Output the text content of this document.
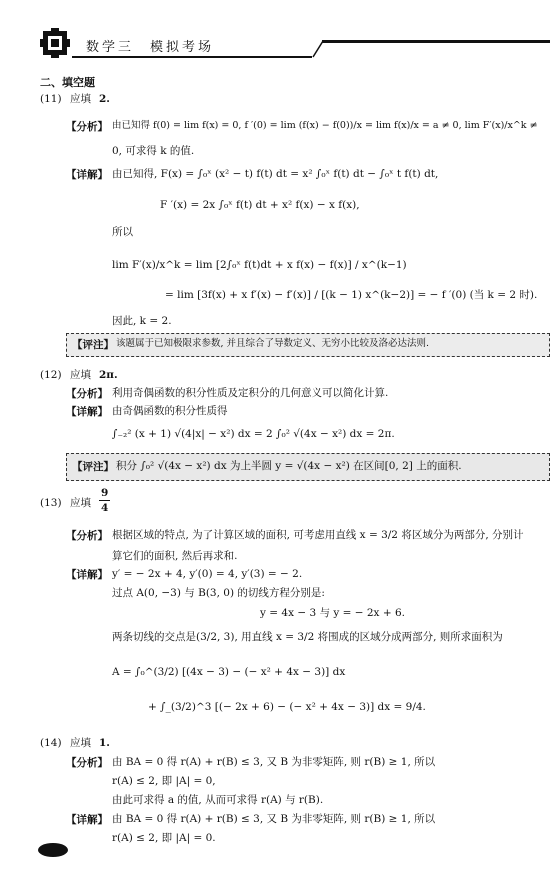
数学三　模拟考场
二、填空题
(11) 应填 2.
【分析】 由已知得 f(0) = lim f(x) = 0, f ′(0) = lim (f(x) − f(0))/x = lim f(x)/x = a ≠ 0, lim F′(x)/x^k ≠
0, 可求得 k 的值.
【详解】 由已知得, F(x) = ∫₀ˣ (x² − t) f(t) dt = x² ∫₀ˣ f(t) dt − ∫₀ˣ t f(t) dt,
F ′(x) = 2x ∫₀ˣ f(t) dt + x² f(x) − x f(x),
所以
lim F′(x)/x^k = lim [2∫₀ˣ f(t)dt + x f(x) − f(x)] / x^(k−1)
= lim [3f(x) + x f′(x) − f′(x)] / [(k − 1) x^(k−2)] = − f ′(0) (当 k = 2 时).
因此, k = 2.
【评注】 该题属于已知极限求参数, 并且综合了导数定义、无穷小比较及洛必达法则.
(12) 应填 2π.
【分析】 利用奇偶函数的积分性质及定积分的几何意义可以简化计算.
【详解】 由奇偶函数的积分性质得
∫₋₂² (x + 1) √(4|x| − x²) dx = 2 ∫₀² √(4x − x²) dx = 2π.
【评注】 积分 ∫₀² √(4x − x²) dx 为上半圆 y = √(4x − x²) 在区间[0, 2] 上的面积.
(13) 应填 $\frac{9}{4}$
【分析】 根据区域的特点, 为了计算区域的面积, 可考虑用直线 x = 3/2 将区域分为两部分, 分别计
算它们的面积, 然后再求和.
【详解】 y′ = − 2x + 4, y′(0) = 4, y′(3) = − 2.
过点 A(0, −3) 与 B(3, 0) 的切线方程分别是:
y = 4x − 3 与 y = − 2x + 6.
两条切线的交点是(3/2, 3), 用直线 x = 3/2 将围成的区域分成两部分, 则所求面积为
A = ∫₀^(3/2) [(4x − 3) − (− x² + 4x − 3)] dx
+ ∫_(3/2)^3 [(− 2x + 6) − (− x² + 4x − 3)] dx = 9/4.
(14) 应填 1.
【分析】 由 BA = 0 得 r(A) + r(B) ≤ 3, 又 B 为非零矩阵, 则 r(B) ≥ 1, 所以
r(A) ≤ 2, 即 |A| = 0,
由此可求得 a 的值, 从而可求得 r(A) 与 r(B).
【详解】 由 BA = 0 得 r(A) + r(B) ≤ 3, 又 B 为非零矩阵, 则 r(B) ≥ 1, 所以
r(A) ≤ 2, 即 |A| = 0.
